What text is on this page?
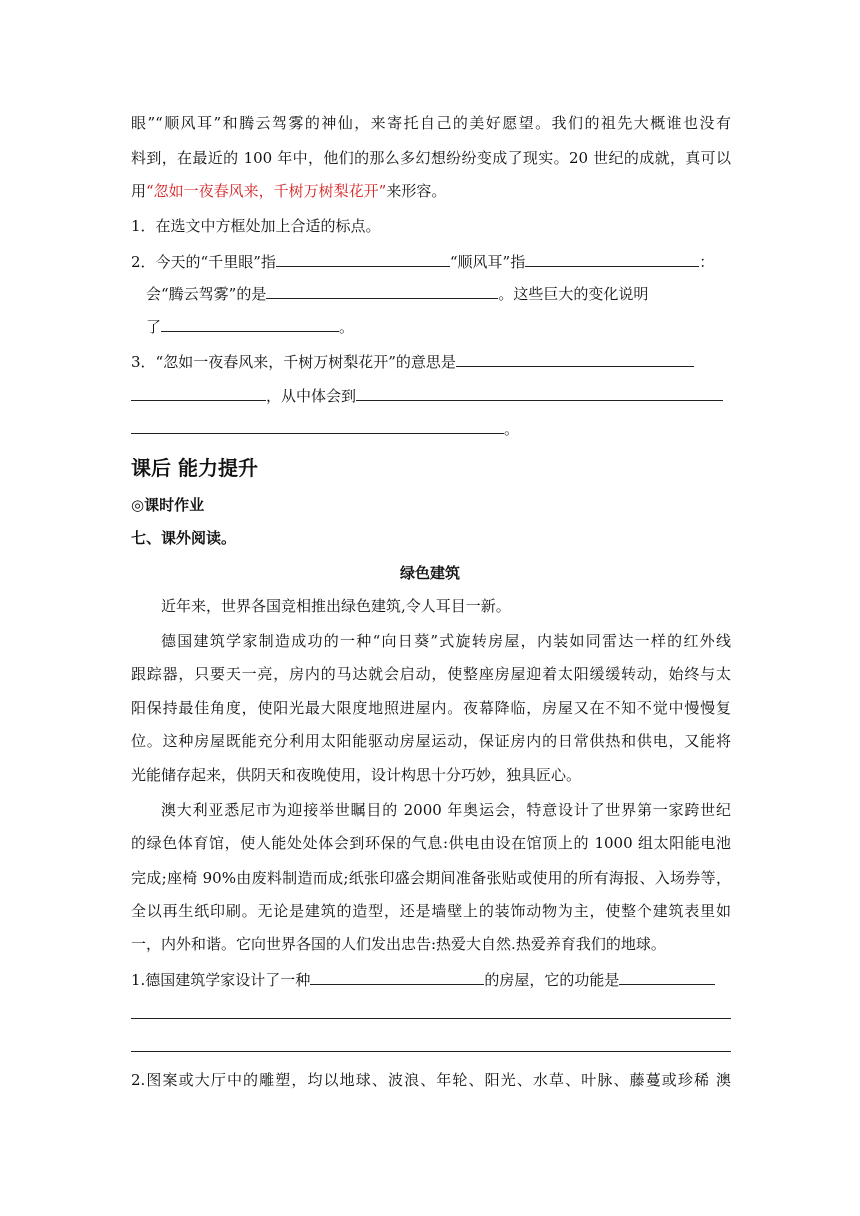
眼”“顺风耳”和腾云驾雾的神仙，来寄托自己的美好愿望。我们的祖先大概谁也没有
料到，在最近的 100 年中，他们的那么多幻想纷纷变成了现实。20 世纪的成就，真可以
用“忽如一夜春风来，千树万树梨花开”来形容。
1．在选文中方框处加上合适的标点。
2．今天的“千里眼”指	“顺风耳”指	：
会“腾云驾雾”的是	。这些巨大的变化说明
了	。
3．“忽如一夜春风来，千树万树梨花开”的意思是
，从中体会到
。
课后 能力提升
◎课时作业
七、课外阅读。
绿色建筑
近年来，世界各国竞相推出绿色建筑,令人耳目一新。
德国建筑学家制造成功的一种“向日葵”式旋转房屋，内装如同雷达一样的红外线
跟踪器，只要天一亮，房内的马达就会启动，使整座房屋迎着太阳缓缓转动，始终与太
阳保持最佳角度，使阳光最大限度地照进屋内。夜幕降临，房屋又在不知不觉中慢慢复
位。这种房屋既能充分利用太阳能驱动房屋运动，保证房内的日常供热和供电，又能将
光能储存起来，供阴天和夜晚使用，设计构思十分巧妙，独具匠心。
澳大利亚悉尼市为迎接举世瞩目的 2000 年奥运会，特意设计了世界第一家跨世纪
的绿色体育馆，使人能处处体会到环保的气息:供电由设在馆顶上的 1000 组太阳能电池
完成;座椅 90%由废料制造而成;纸张印盛会期间准备张贴或使用的所有海报、入场券等，
全以再生纸印刷。无论是建筑的造型，还是墙壁上的装饰动物为主，使整个建筑表里如
一，内外和谐。它向世界各国的人们发出忠告:热爱大自然.热爱养育我们的地球。
1.德国建筑学家设计了一种	的房屋，它的功能是
2.图案或大厅中的雕塑，均以地球、波浪、年轮、阳光、水草、叶脉、藤蔓或珍稀 澳
